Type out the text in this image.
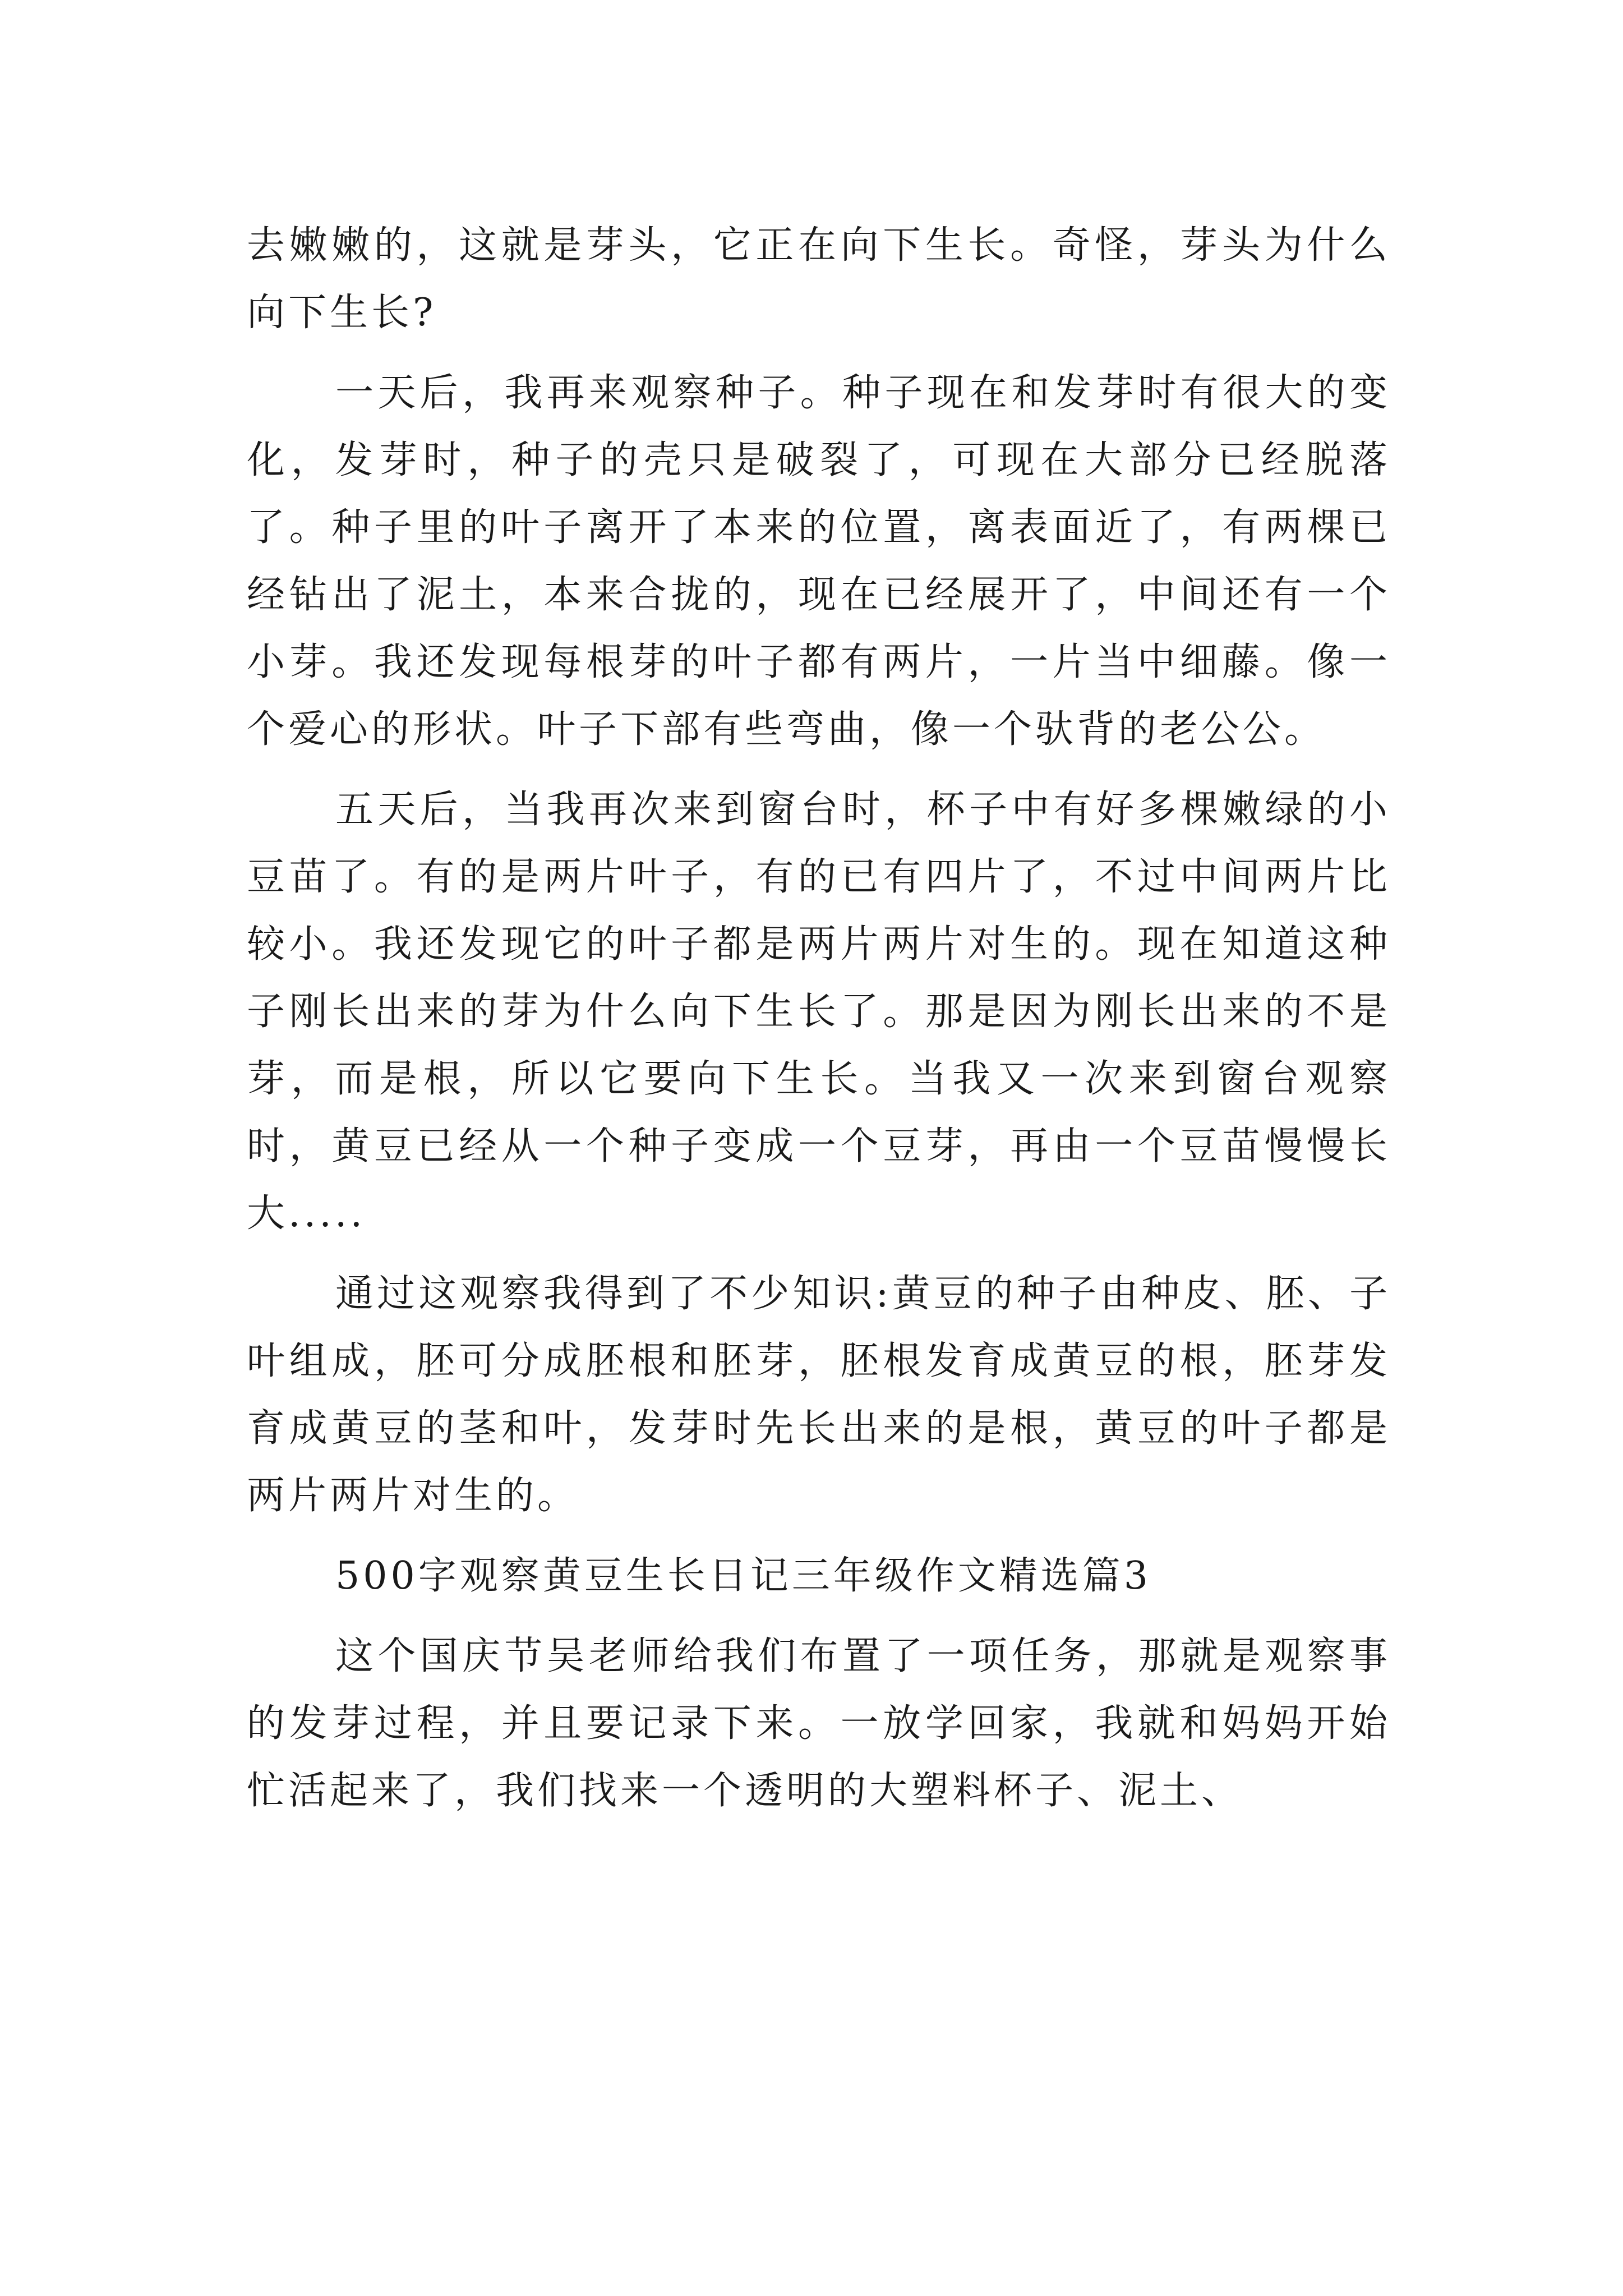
去嫩嫩的，这就是芽头，它正在向下生长。奇怪，芽头为什么向下生长?

一天后，我再来观察种子。种子现在和发芽时有很大的变化，发芽时，种子的壳只是破裂了，可现在大部分已经脱落了。种子里的叶子离开了本来的位置，离表面近了，有两棵已经钻出了泥土，本来合拢的，现在已经展开了，中间还有一个小芽。我还发现每根芽的叶子都有两片，一片当中细藤。像一个爱心的形状。叶子下部有些弯曲，像一个驮背的老公公。

五天后，当我再次来到窗台时，杯子中有好多棵嫩绿的小豆苗了。有的是两片叶子，有的已有四片了，不过中间两片比较小。我还发现它的叶子都是两片两片对生的。现在知道这种子刚长出来的芽为什么向下生长了。那是因为刚长出来的不是芽，而是根，所以它要向下生长。当我又一次来到窗台观察时，黄豆已经从一个种子变成一个豆芽，再由一个豆苗慢慢长大.....

通过这观察我得到了不少知识:黄豆的种子由种皮、胚、子叶组成，胚可分成胚根和胚芽，胚根发育成黄豆的根，胚芽发育成黄豆的茎和叶，发芽时先长出来的是根，黄豆的叶子都是两片两片对生的。

500字观察黄豆生长日记三年级作文精选篇3

这个国庆节吴老师给我们布置了一项任务，那就是观察事的发芽过程，并且要记录下来。一放学回家，我就和妈妈开始忙活起来了，我们找来一个透明的大塑料杯子、泥土、
